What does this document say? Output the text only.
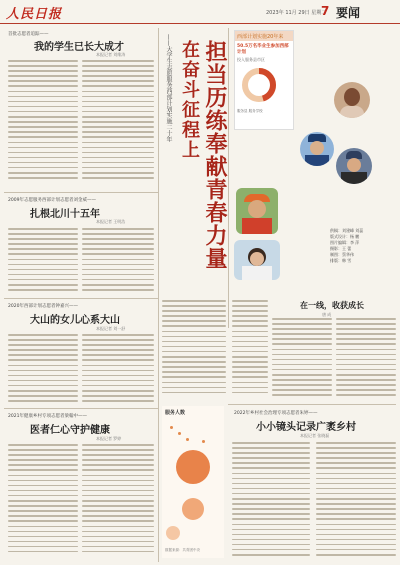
人民日报	2023年 11月 29日 星期二
7 要闻
首批志愿者追踪——
我的学生已长大成才
本报记者 刘维涛
2009年志愿服务西部计划志愿者刘金威——
扎根北川十五年
本报记者 王明浩
2020年西部计划志愿者钟嘉兴——
大山的女儿心系大山
本报记者 刘一舒
2021年健康乡村专项志愿者梁翰中——
医者仁心守护健康
本报记者 罗婷
担当历练奉献青春力量
在奋斗征程上
——大学生志愿服务西部计划实施二十年	西部计划实施20年来
50.5万名毕业生参加西部计划
投入服务县市区
服务县 服务学校
供稿：刘建峰 刘蕊
版式设计：杨 鹏
图片编辑：李 萍
摄影：王 蕾
制图：蔡华伟
排版：韩 雪
在一线，收获成长
唐 成
服务人数
数据来源：共青团中央
2022年乡村社会治理专项志愿者朱婷——
小小镜头记录广袤乡村
本报记者 张晓磊
